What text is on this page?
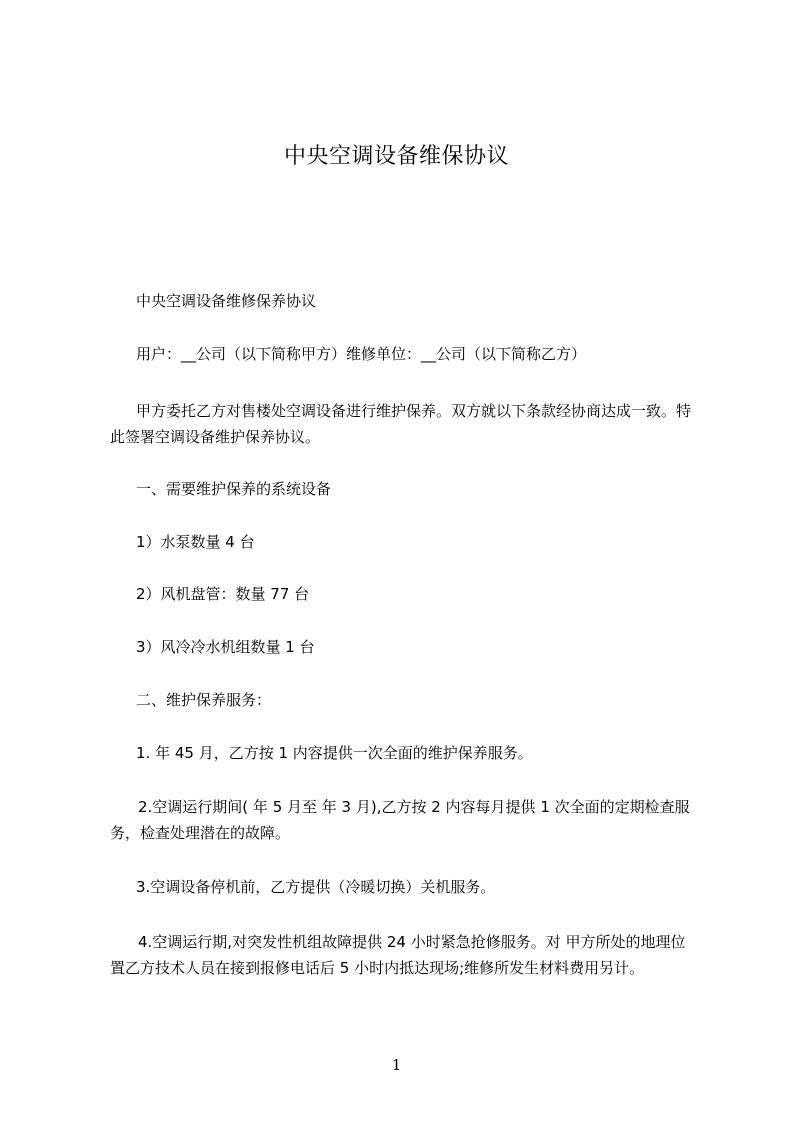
中央空调设备维保协议
中央空调设备维修保养协议
用户：__公司（以下简称甲方）维修单位：__公司（以下简称乙方）
甲方委托乙方对售楼处空调设备进行维护保养。双方就以下条款经协商达成一致。特此签署空调设备维护保养协议。
一、需要维护保养的系统设备
1）水泵数量 4 台
2）风机盘管：数量 77 台
3）风冷冷水机组数量 1 台
二、维护保养服务：
1. 年 45 月，乙方按 1 内容提供一次全面的维护保养服务。
2.空调运行期间( 年 5 月至 年 3 月),乙方按 2 内容每月提供 1 次全面的定期检查服务，检查处理潜在的故障。
3.空调设备停机前，乙方提供（冷暖切换）关机服务。
4.空调运行期,对突发性机组故障提供 24 小时紧急抢修服务。对 甲方所处的地理位置乙方技术人员在接到报修电话后 5 小时内抵达现场;维修所发生材料费用另计。
1
